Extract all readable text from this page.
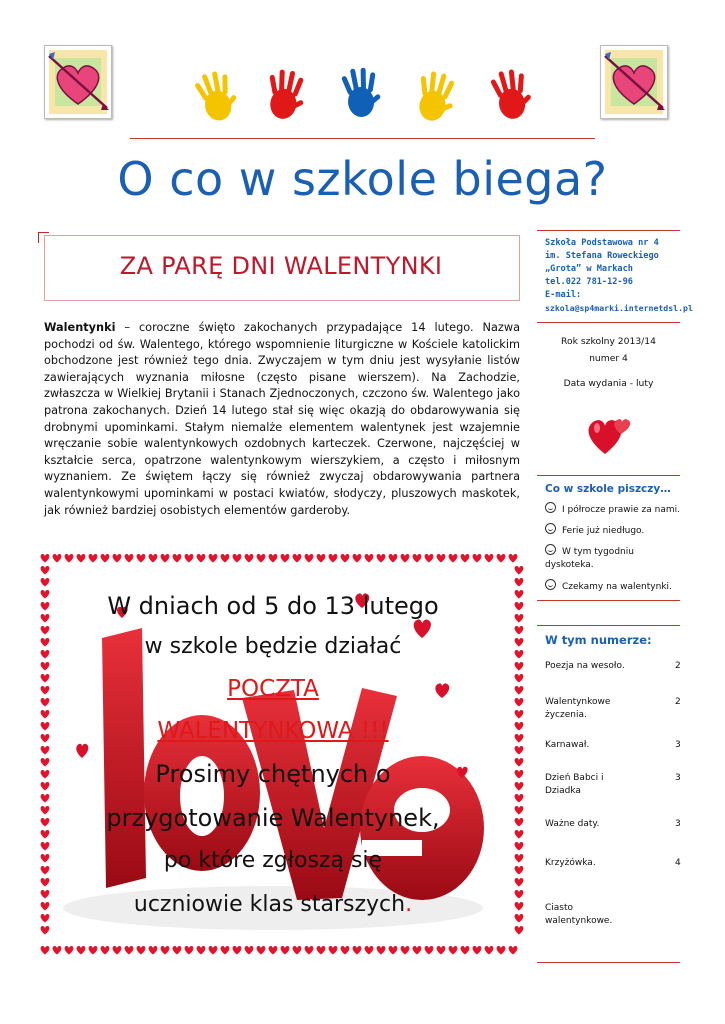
O co w szkole biega?
ZA PARĘ DNI WALENTYNKI
Walentynki – coroczne święto zakochanych przypadające 14 lutego. Nazwa pochodzi od św. Walentego, którego wspomnienie liturgiczne w Kościele katolickim obchodzone jest również tego dnia. Zwyczajem w tym dniu jest wysyłanie listów zawierających wyznania miłosne (często pisane wierszem). Na Zachodzie, zwłaszcza w Wielkiej Brytanii i Stanach Zjednoczonych, czczono św. Walentego jako patrona zakochanych. Dzień 14 lutego stał się więc okazją do obdarowywania się drobnymi upominkami. Stałym niemalże elementem walentynek jest wzajemnie wręczanie sobie walentynkowych ozdobnych karteczek. Czerwone, najczęściej w kształcie serca, opatrzone walentynkowym wierszykiem, a często i miłosnym wyznaniem. Ze świętem łączy się również zwyczaj obdarowywania partnera walentynkowymi upominkami w postaci kwiatów, słodyczy, pluszowych maskotek, jak również bardziej osobistych elementów garderoby.
Szkoła Podstawowa nr 4
im. Stefana Roweckiego
„Grota” w Markach
tel.022 781-12-96
E-mail:
szkola@sp4marki.internetdsl.pl
Rok szkolny 2013/14
numer 4
Data wydania - luty
Co w szkole piszczy…
I półrocze prawie za nami.
Ferie już niedługo.
W tym tygodniu dyskoteka.
Czekamy na walentynki.
W tym numerze:
Poezja na wesoło.	2
Walentynkowe życzenia.
2
Karnawał.	3
Dzień Babci i Dziadka
3
Ważne daty.	3
Krzyżówka.	4
Ciasto walentynkowe.
W dniach od 5 do 13 lutego
w szkole będzie działać
POCZTA
WALENTYNKOWA !!!
Prosimy chętnych o
przygotowanie Walentynek,
po które zgłoszą się
uczniowie klas starszych.
